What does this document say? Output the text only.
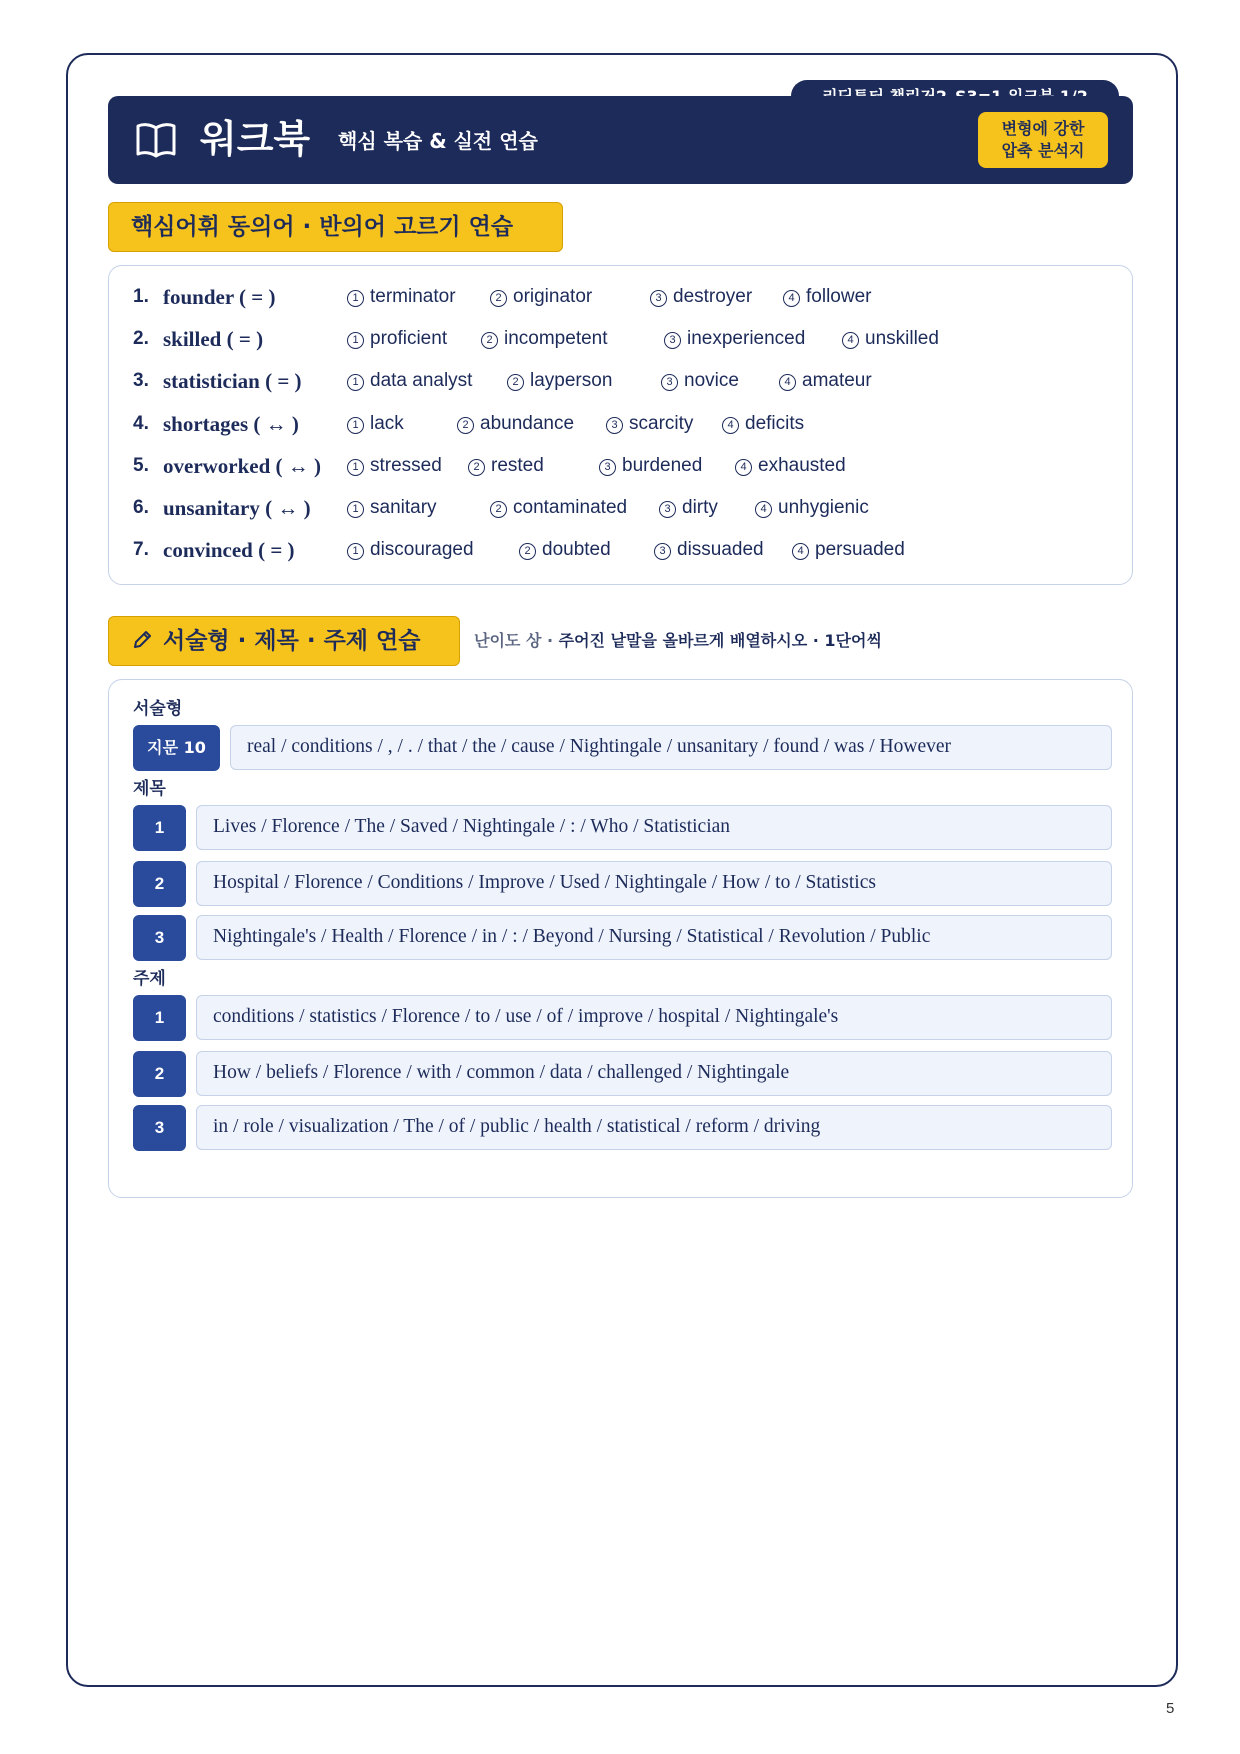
워크북 핵심 복습 & 실전 연습
변형에 강한
압축 분석지
핵심어휘 동의어 · 반의어 고르기 연습
1. founder ( = )	1 terminator	2 originator	3 destroyer	4 follower
2. skilled ( = )	1 proficient	2 incompetent	3 inexperienced	4 unskilled
3. statistician ( = )	1 data analyst	2 layperson	3 novice	4 amateur
4. shortages ( ↔ )	1 lack	2 abundance	3 scarcity	4 deficits
5. overworked ( ↔ )	1 stressed	2 rested	3 burdened	4 exhausted
6. unsanitary ( ↔ )	1 sanitary	2 contaminated	3 dirty	4 unhygienic
7. convinced ( = )	1 discouraged	2 doubted	3 dissuaded	4 persuaded
서술형 · 제목 · 주제 연습	난이도 상 · 주어진 낱말을 올바르게 배열하시오 · 1단어씩
서술형
지문 10	real / conditions / , / . / that / the / cause / Nightingale / unsanitary / found / was / However
제목
1	Lives / Florence / The / Saved / Nightingale / : / Who / Statistician
2	Hospital / Florence / Conditions / Improve / Used / Nightingale / How / to / Statistics
3	Nightingale's / Health / Florence / in / : / Beyond / Nursing / Statistical / Revolution / Public
주제
1	conditions / statistics / Florence / to / use / of / improve / hospital / Nightingale's
2	How / beliefs / Florence / with / common / data / challenged / Nightingale
3	in / role / visualization / The / of / public / health / statistical / reform / driving
5
